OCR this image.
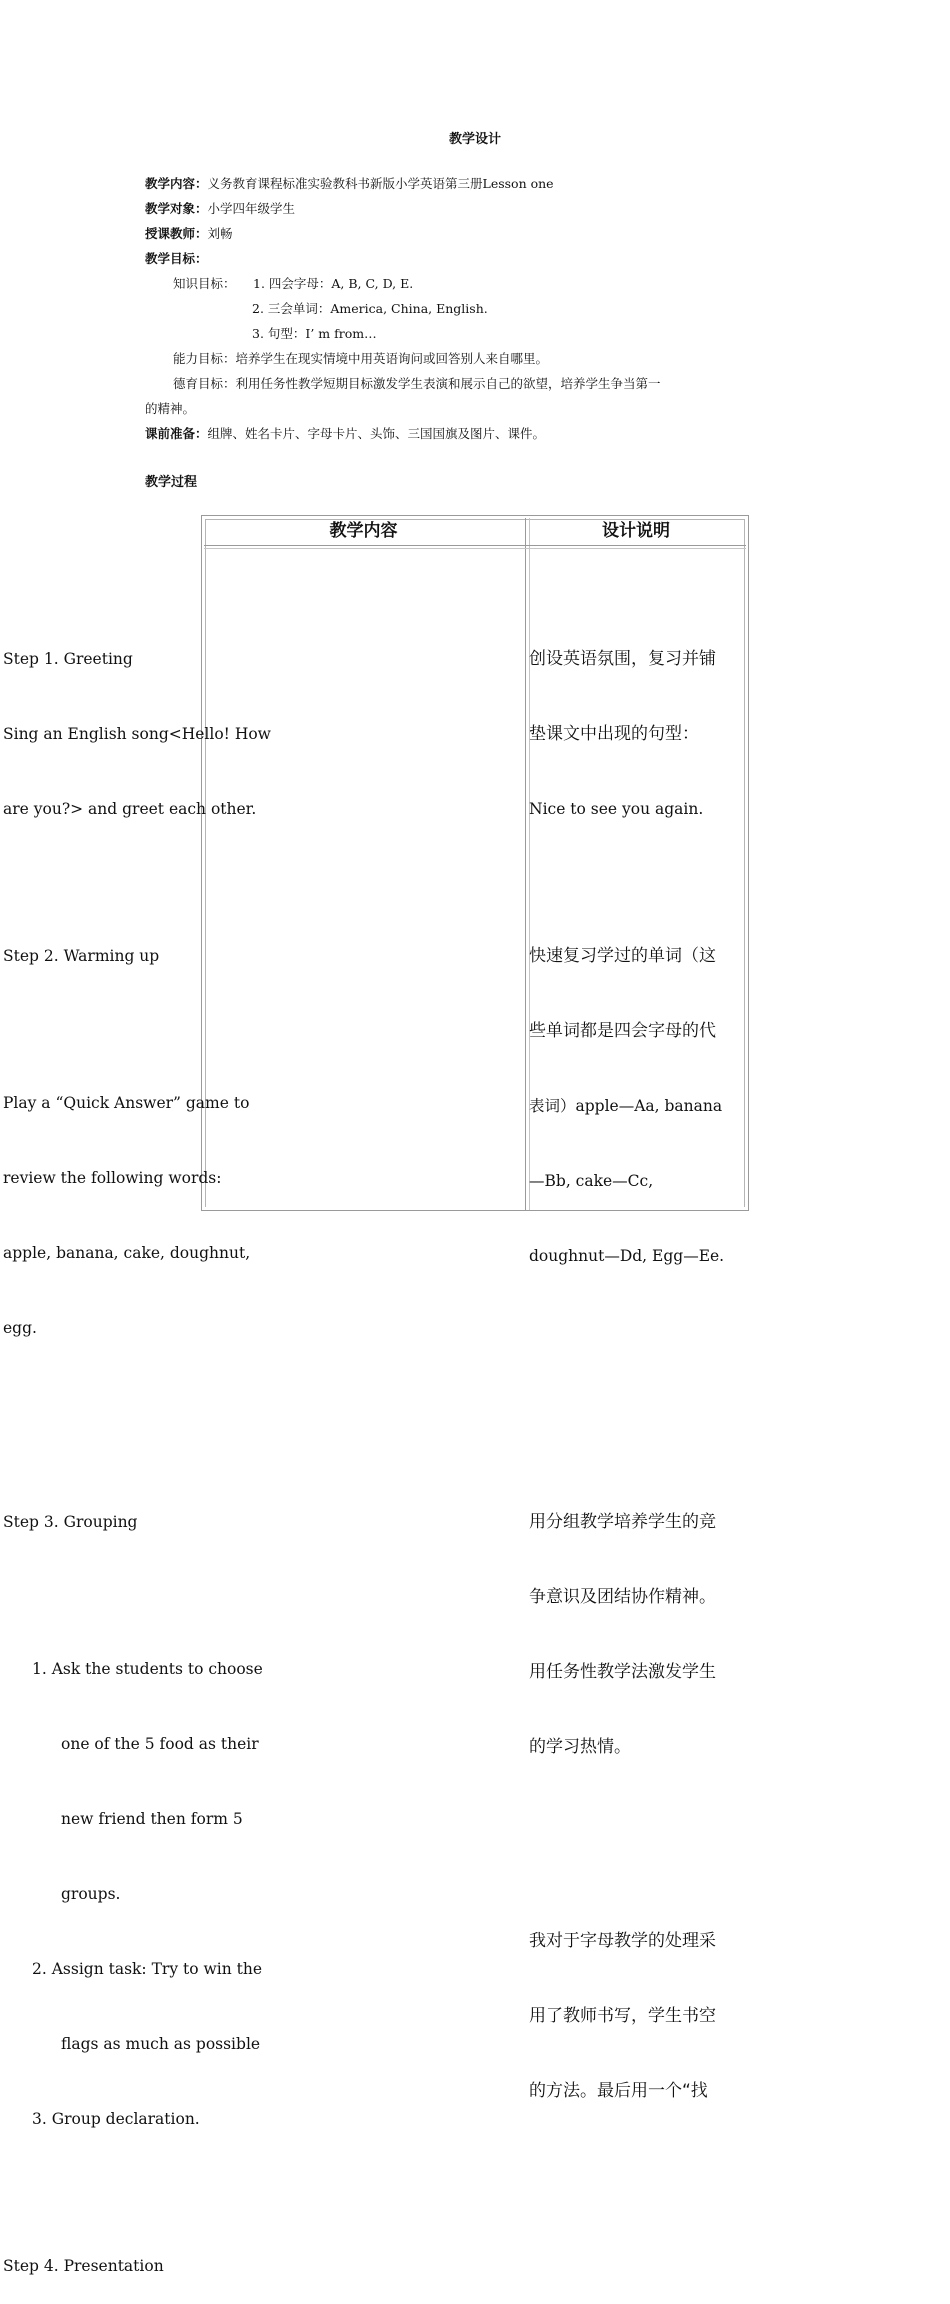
教学设计
教学内容：义务教育课程标准实验教科书新版小学英语第三册Lesson one
教学对象：小学四年级学生
授课教师：刘畅
教学目标：
知识目标： 1. 四会字母：A, B, C, D, E.
2. 三会单词：America, China, English.
3. 句型：I’ m from…
能力目标：培养学生在现实情境中用英语询问或回答别人来自哪里。
德育目标：利用任务性教学短期目标激发学生表演和展示自己的欲望，培养学生争当第一
的精神。
课前准备：组牌、姓名卡片、字母卡片、头饰、三国国旗及图片、课件。
教学过程
教学内容	设计说明

Step 1. Greeting

Sing an English song<Hello! How

are you?> and greet each other.

Step 2. Warming up

Play a “Quick Answer” game to

review the following words:

apple, banana, cake, doughnut,

egg.

Step 3. Grouping

1. Ask the students to choose

one of the 5 food as their

new friend then form 5

groups.

2. Assign task: Try to win the

flags as much as possible

3. Group declaration.

Step 4. Presentation

创设英语氛围，复习并铺

垫课文中出现的句型：

Nice to see you again.

快速复习学过的单词（这

些单词都是四会字母的代

表词）apple—Aa, banana

—Bb, cake—Cc,

doughnut—Dd, Egg—Ee.

用分组教学培养学生的竞

争意识及团结协作精神。

用任务性教学法激发学生

的学习热情。

我对于字母教学的处理采

用了教师书写，学生书空

的方法。最后用一个“找
